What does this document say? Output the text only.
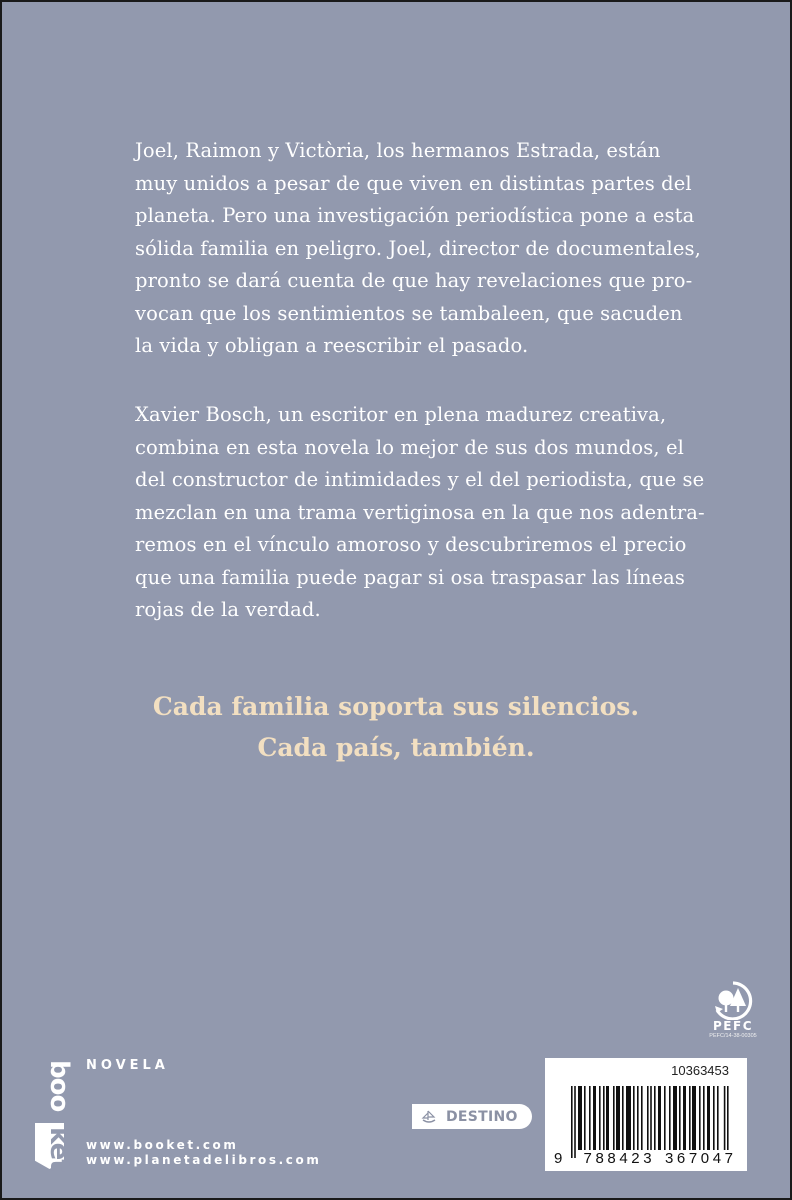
Joel, Raimon y Victòria, los hermanos Estrada, están
muy unidos a pesar de que viven en distintas partes del
planeta. Pero una investigación periodística pone a esta
sólida familia en peligro. Joel, director de documentales,
pronto se dará cuenta de que hay revelaciones que pro-
vocan que los sentimientos se tambaleen, que sacuden
la vida y obligan a reescribir el pasado.
Xavier Bosch, un escritor en plena madurez creativa,
combina en esta novela lo mejor de sus dos mundos, el
del constructor de intimidades y el del periodista, que se
mezclan en una trama vertiginosa en la que nos adentra-
remos en el vínculo amoroso y descubriremos el precio
que una familia puede pagar si osa traspasar las líneas
rojas de la verdad.
Cada familia soporta sus silencios.
Cada país, también.
PEFC
PEFC/14-38-00305
boo
ket
NOVELA
www.booket.com
www.planetadelibros.com
DESTINO
10363453
9 788423 367047
